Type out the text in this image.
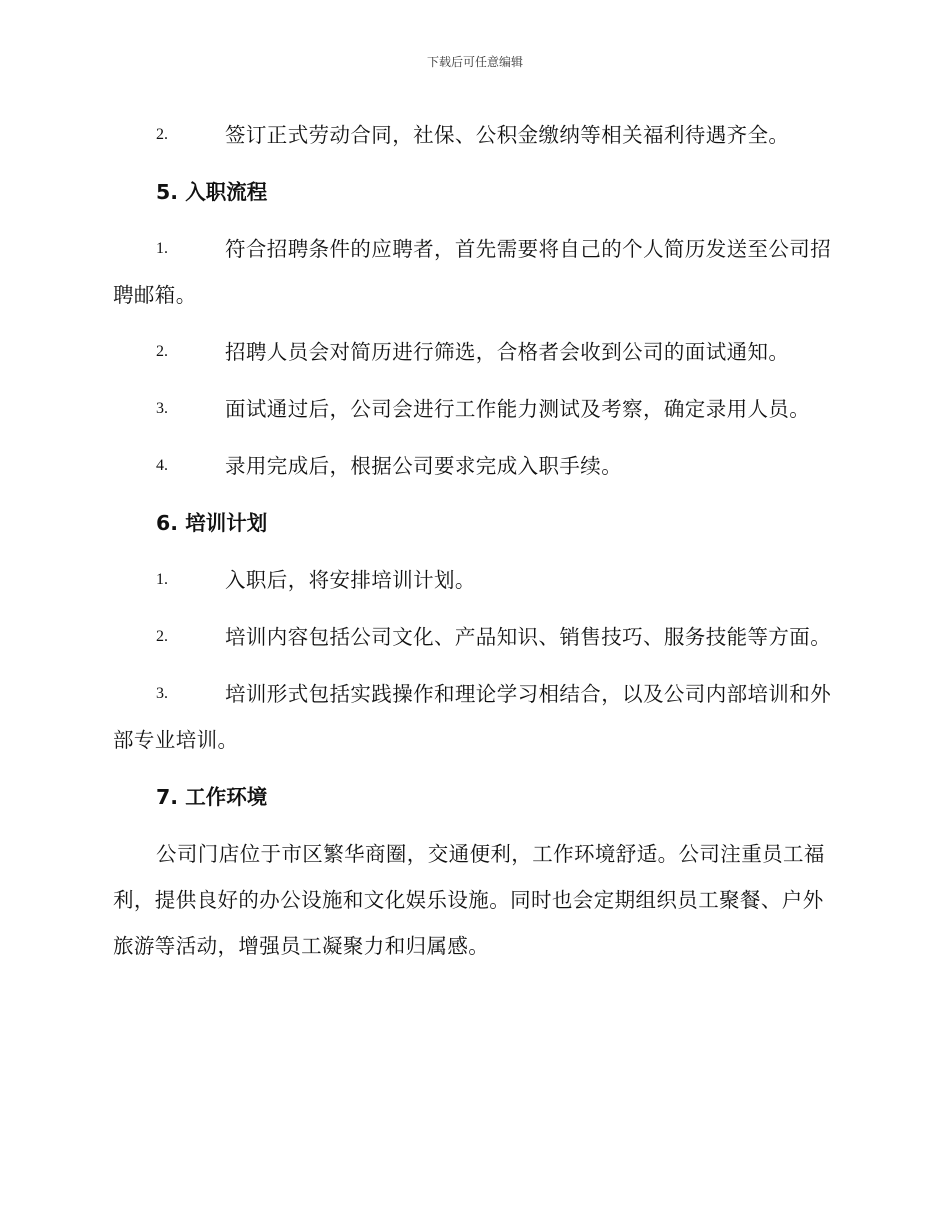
下载后可任意编辑
2.	签订正式劳动合同，社保、公积金缴纳等相关福利待遇齐全。
5. 入职流程
1.	符合招聘条件的应聘者，首先需要将自己的个人简历发送至公司招聘邮箱。
2.	招聘人员会对简历进行筛选，合格者会收到公司的面试通知。
3.	面试通过后，公司会进行工作能力测试及考察，确定录用人员。
4.	录用完成后，根据公司要求完成入职手续。
6. 培训计划
1.	入职后，将安排培训计划。
2.	培训内容包括公司文化、产品知识、销售技巧、服务技能等方面。
3.	培训形式包括实践操作和理论学习相结合，以及公司内部培训和外部专业培训。
7. 工作环境
公司门店位于市区繁华商圈，交通便利，工作环境舒适。公司注重员工福利，提供良好的办公设施和文化娱乐设施。同时也会定期组织员工聚餐、户外旅游等活动，增强员工凝聚力和归属感。
